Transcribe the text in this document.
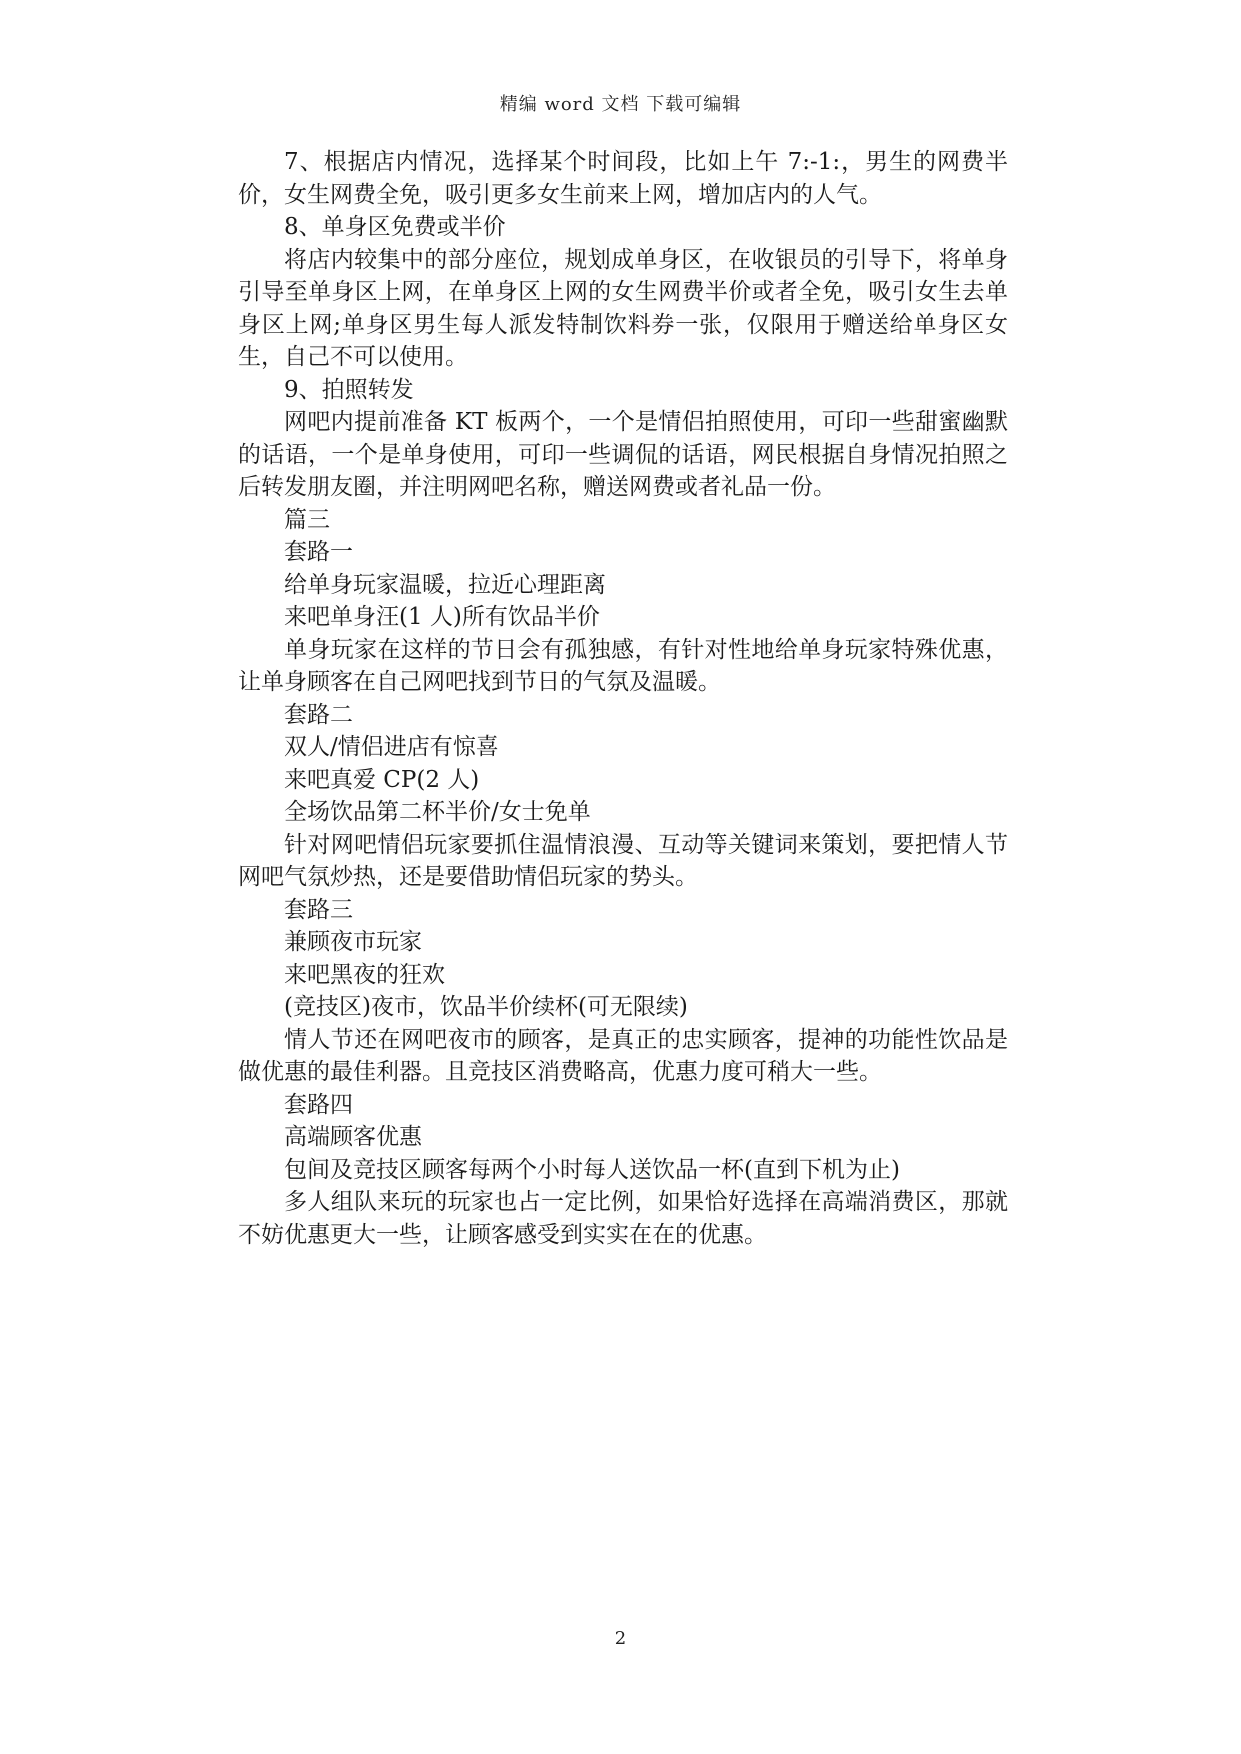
精编 word 文档 下载可编辑

7、根据店内情况，选择某个时间段，比如上午 7:-1:，男生的网费半价，女生网费全免，吸引更多女生前来上网，增加店内的人气。

8、单身区免费或半价

将店内较集中的部分座位，规划成单身区，在收银员的引导下，将单身引导至单身区上网，在单身区上网的女生网费半价或者全免，吸引女生去单身区上网;单身区男生每人派发特制饮料券一张，仅限用于赠送给单身区女生，自己不可以使用。

9、拍照转发

网吧内提前准备 KT 板两个，一个是情侣拍照使用，可印一些甜蜜幽默的话语，一个是单身使用，可印一些调侃的话语，网民根据自身情况拍照之后转发朋友圈，并注明网吧名称，赠送网费或者礼品一份。

篇三

套路一

给单身玩家温暖，拉近心理距离

来吧单身汪(1 人)所有饮品半价

单身玩家在这样的节日会有孤独感，有针对性地给单身玩家特殊优惠，让单身顾客在自己网吧找到节日的气氛及温暖。

套路二

双人/情侣进店有惊喜

来吧真爱 CP(2 人)

全场饮品第二杯半价/女士免单

针对网吧情侣玩家要抓住温情浪漫、互动等关键词来策划，要把情人节网吧气氛炒热，还是要借助情侣玩家的势头。

套路三

兼顾夜市玩家

来吧黑夜的狂欢

(竞技区)夜市，饮品半价续杯(可无限续)

情人节还在网吧夜市的顾客，是真正的忠实顾客，提神的功能性饮品是做优惠的最佳利器。且竞技区消费略高，优惠力度可稍大一些。

套路四

高端顾客优惠

包间及竞技区顾客每两个小时每人送饮品一杯(直到下机为止)

多人组队来玩的玩家也占一定比例，如果恰好选择在高端消费区，那就不妨优惠更大一些，让顾客感受到实实在在的优惠。

2
